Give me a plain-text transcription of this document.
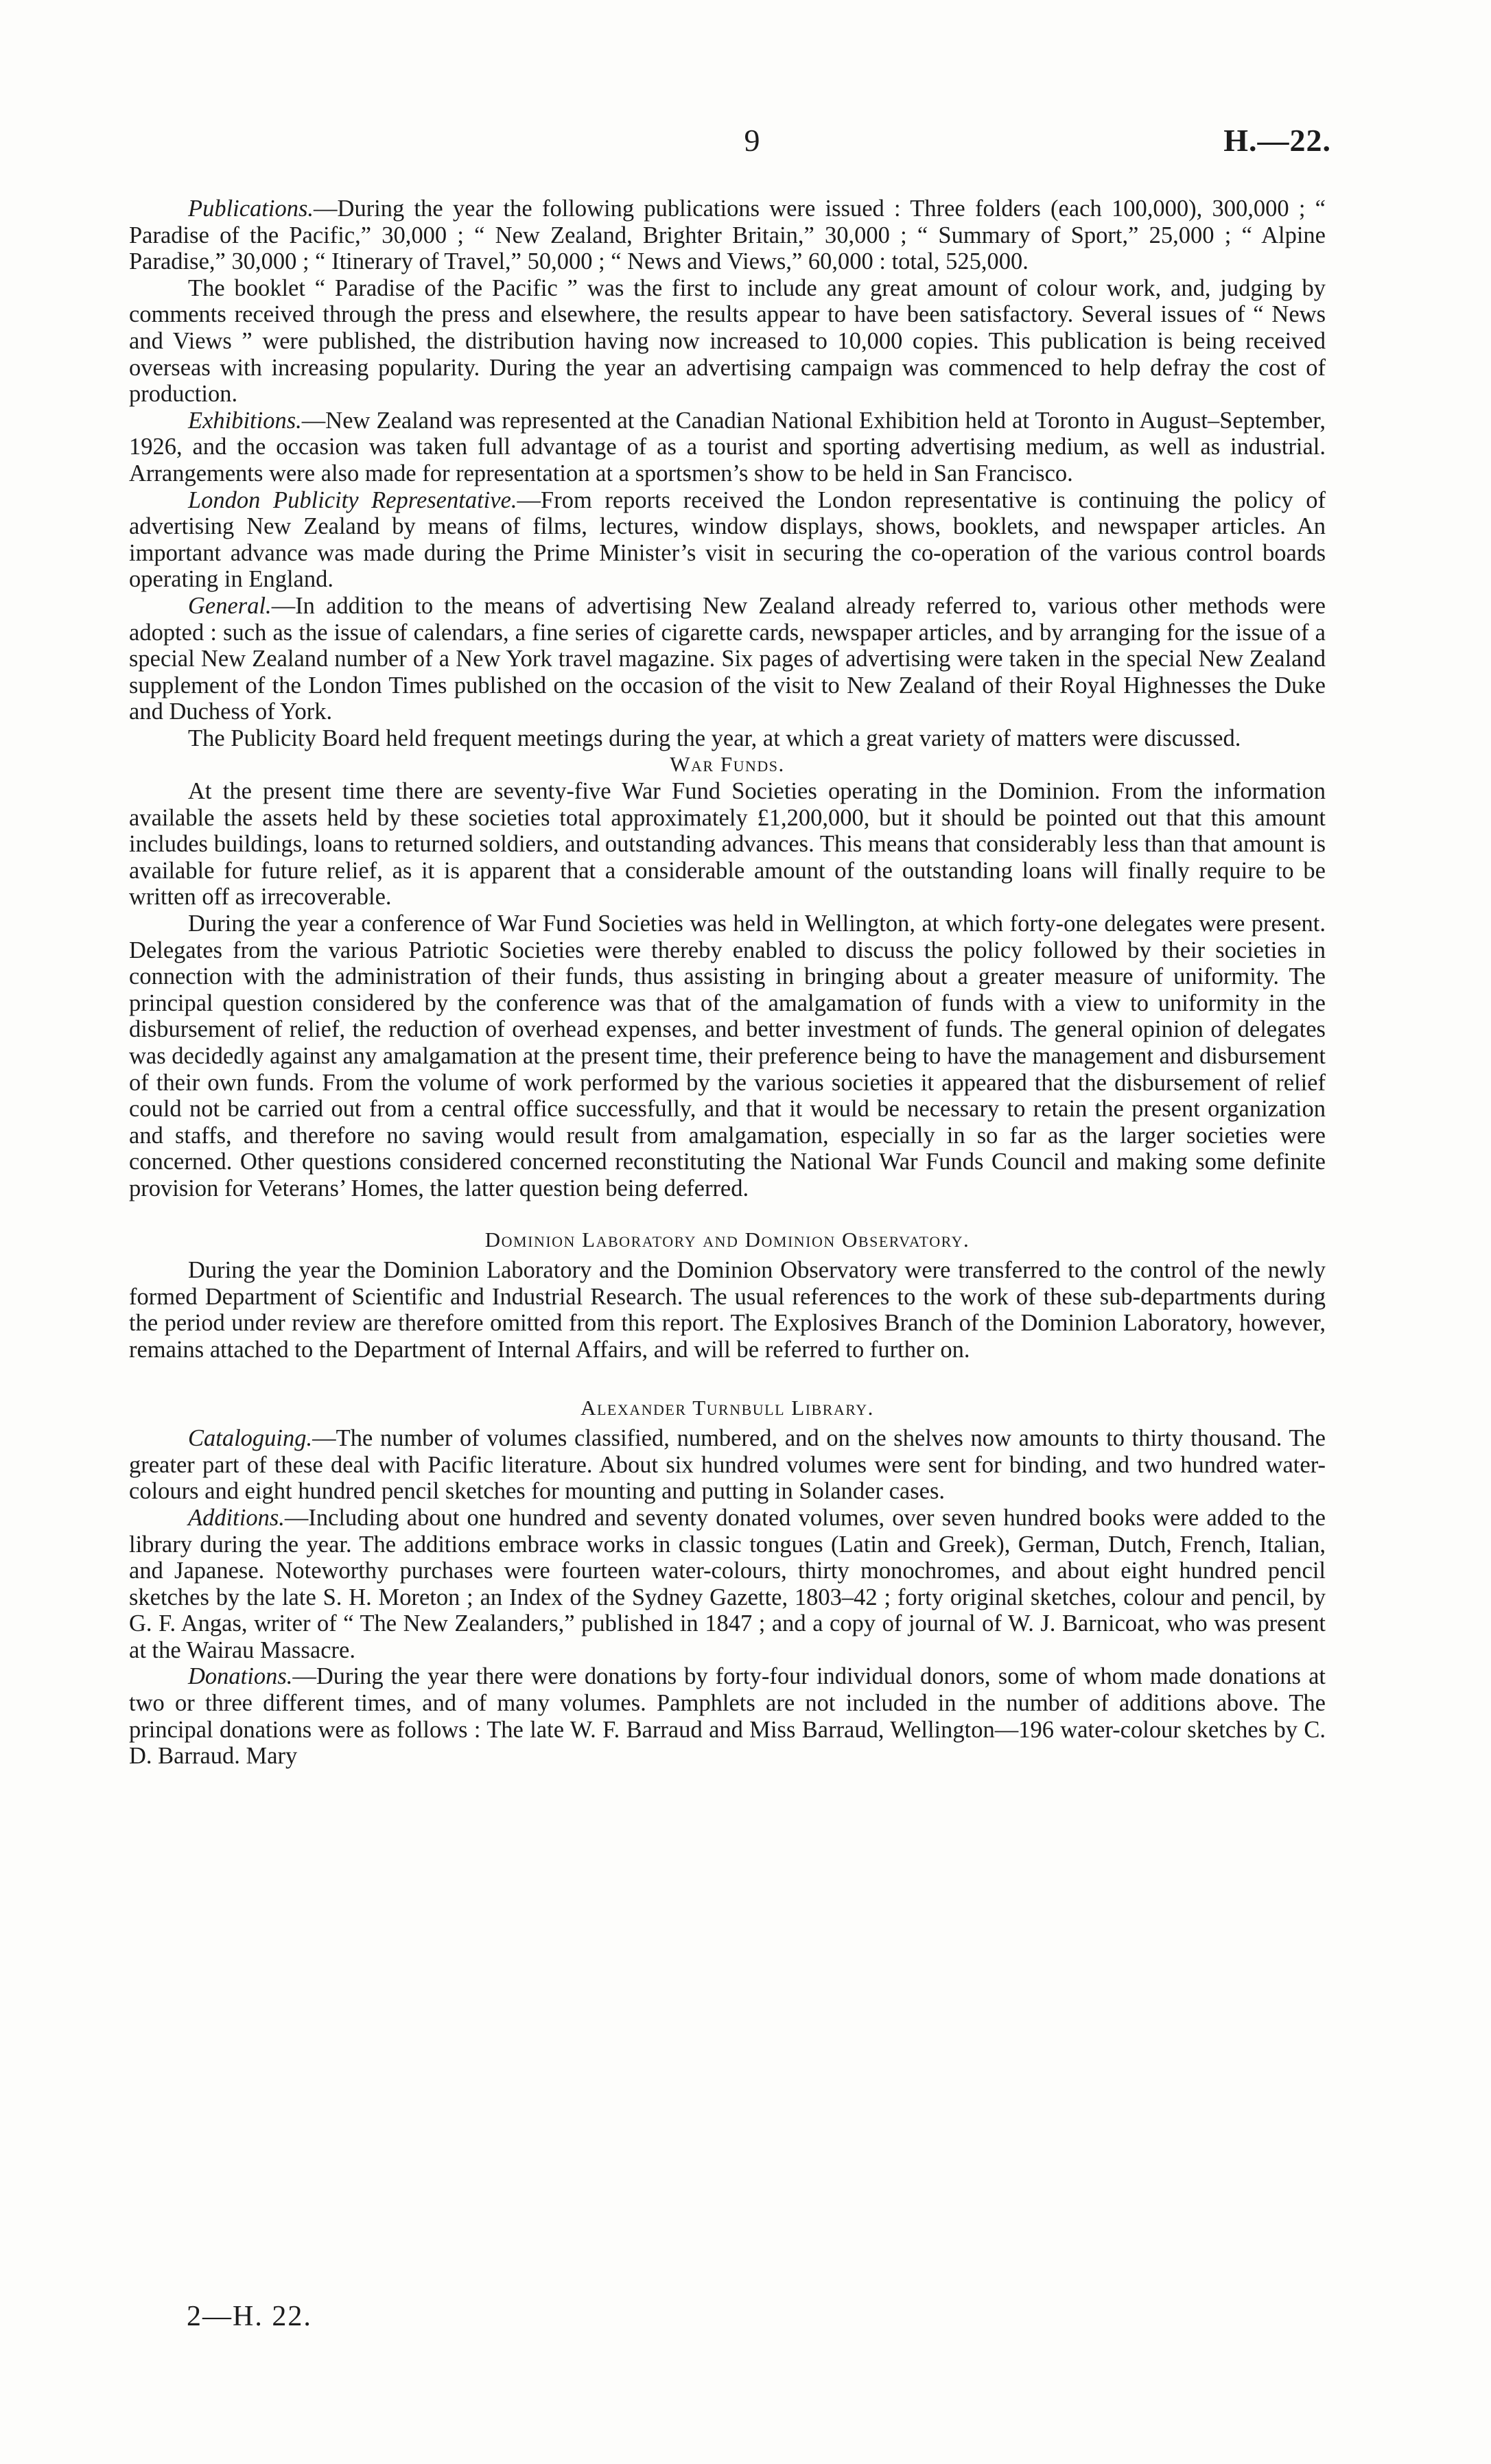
9	H.—22.

Publications.—During the year the following publications were issued : Three folders (each 100,000), 300,000 ; “ Paradise of the Pacific,” 30,000 ; “ New Zealand, Brighter Britain,” 30,000 ; “ Summary of Sport,” 25,000 ; “ Alpine Paradise,” 30,000 ; “ Itinerary of Travel,” 50,000 ; “ News and Views,” 60,000 : total, 525,000.

The booklet “ Paradise of the Pacific ” was the first to include any great amount of colour work, and, judging by comments received through the press and elsewhere, the results appear to have been satisfactory. Several issues of “ News and Views ” were published, the distribution having now increased to 10,000 copies. This publication is being received overseas with increasing popularity. During the year an advertising campaign was commenced to help defray the cost of production.

Exhibitions.—New Zealand was represented at the Canadian National Exhibition held at Toronto in August–September, 1926, and the occasion was taken full advantage of as a tourist and sporting advertising medium, as well as industrial. Arrangements were also made for representation at a sportsmen’s show to be held in San Francisco.

London Publicity Representative.—From reports received the London representative is continuing the policy of advertising New Zealand by means of films, lectures, window displays, shows, booklets, and newspaper articles. An important advance was made during the Prime Minister’s visit in securing the co-operation of the various control boards operating in England.

General.—In addition to the means of advertising New Zealand already referred to, various other methods were adopted : such as the issue of calendars, a fine series of cigarette cards, newspaper articles, and by arranging for the issue of a special New Zealand number of a New York travel magazine. Six pages of advertising were taken in the special New Zealand supplement of the London Times published on the occasion of the visit to New Zealand of their Royal Highnesses the Duke and Duchess of York.

The Publicity Board held frequent meetings during the year, at which a great variety of matters were discussed.

War Funds.

At the present time there are seventy-five War Fund Societies operating in the Dominion. From the information available the assets held by these societies total approximately £1,200,000, but it should be pointed out that this amount includes buildings, loans to returned soldiers, and outstanding advances. This means that considerably less than that amount is available for future relief, as it is apparent that a considerable amount of the outstanding loans will finally require to be written off as irrecoverable.

During the year a conference of War Fund Societies was held in Wellington, at which forty-one delegates were present. Delegates from the various Patriotic Societies were thereby enabled to discuss the policy followed by their societies in connection with the administration of their funds, thus assisting in bringing about a greater measure of uniformity. The principal question considered by the conference was that of the amalgamation of funds with a view to uniformity in the disbursement of relief, the reduction of overhead expenses, and better investment of funds. The general opinion of delegates was decidedly against any amalgamation at the present time, their preference being to have the management and disbursement of their own funds. From the volume of work performed by the various societies it appeared that the disbursement of relief could not be carried out from a central office successfully, and that it would be necessary to retain the present organization and staffs, and therefore no saving would result from amalgamation, especially in so far as the larger societies were concerned. Other questions considered concerned reconstituting the National War Funds Council and making some definite provision for Veterans’ Homes, the latter question being deferred.

Dominion Laboratory and Dominion Observatory.

During the year the Dominion Laboratory and the Dominion Observatory were transferred to the control of the newly formed Department of Scientific and Industrial Research. The usual references to the work of these sub-departments during the period under review are therefore omitted from this report. The Explosives Branch of the Dominion Laboratory, however, remains attached to the Department of Internal Affairs, and will be referred to further on.

Alexander Turnbull Library.

Cataloguing.—The number of volumes classified, numbered, and on the shelves now amounts to thirty thousand. The greater part of these deal with Pacific literature. About six hundred volumes were sent for binding, and two hundred water-colours and eight hundred pencil sketches for mounting and putting in Solander cases.

Additions.—Including about one hundred and seventy donated volumes, over seven hundred books were added to the library during the year. The additions embrace works in classic tongues (Latin and Greek), German, Dutch, French, Italian, and Japanese. Noteworthy purchases were fourteen water-colours, thirty monochromes, and about eight hundred pencil sketches by the late S. H. Moreton ; an Index of the Sydney Gazette, 1803–42 ; forty original sketches, colour and pencil, by G. F. Angas, writer of “ The New Zealanders,” published in 1847 ; and a copy of journal of W. J. Barnicoat, who was present at the Wairau Massacre.

Donations.—During the year there were donations by forty-four individual donors, some of whom made donations at two or three different times, and of many volumes. Pamphlets are not included in the number of additions above. The principal donations were as follows : The late W. F. Barraud and Miss Barraud, Wellington—196 water-colour sketches by C. D. Barraud. Mary

2—H. 22.
